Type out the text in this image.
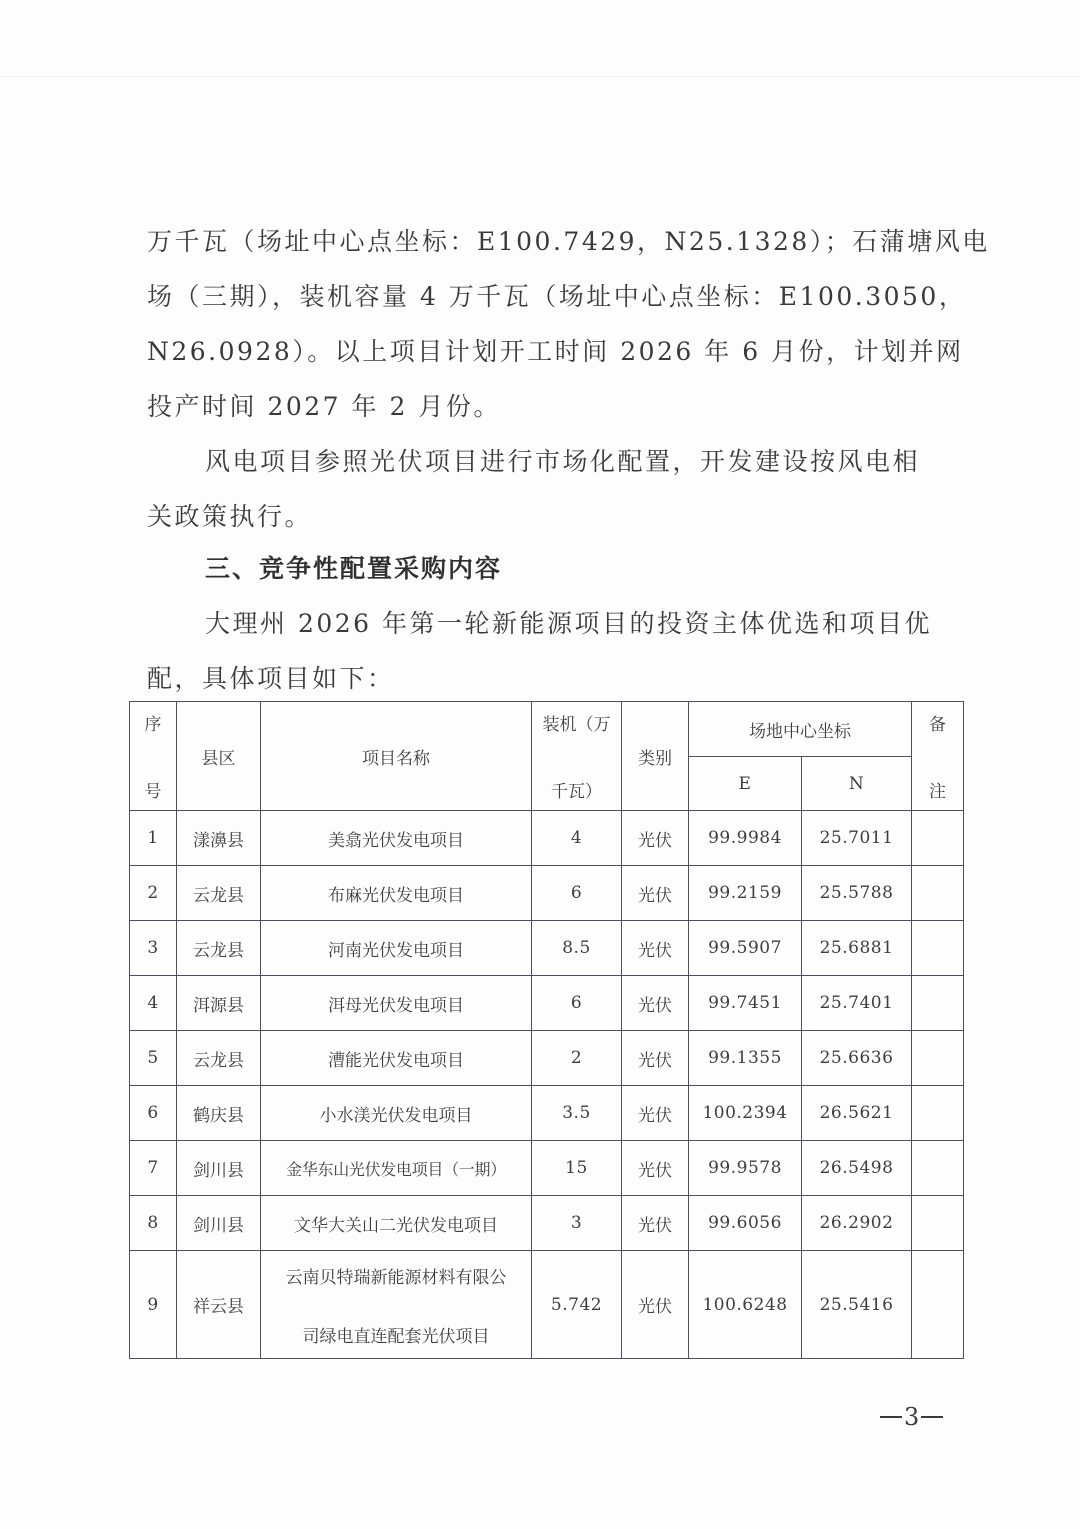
万千瓦（场址中心点坐标：E100.7429，N25.1328）；石蒲塘风电
场（三期），装机容量 4 万千瓦（场址中心点坐标：E100.3050，
N26.0928）。以上项目计划开工时间 2026 年 6 月份，计划并网
投产时间 2027 年 2 月份。
风电项目参照光伏项目进行市场化配置，开发建设按风电相
关政策执行。
三、竞争性配置采购内容
大理州 2026 年第一轮新能源项目的投资主体优选和项目优
配，具体项目如下：
序
号	县区	项目名称	装机（万
千瓦）	类别	场地中心坐标		备
注

					E	N	
1	漾濞县	美翕光伏发电项目	4	光伏	99.9984	25.7011	
2	云龙县	布麻光伏发电项目	6	光伏	99.2159	25.5788	
3	云龙县	河南光伏发电项目	8.5	光伏	99.5907	25.6881	
4	洱源县	洱母光伏发电项目	6	光伏	99.7451	25.7401	
5	云龙县	漕能光伏发电项目	2	光伏	99.1355	25.6636	
6	鹤庆县	小水渼光伏发电项目	3.5	光伏	100.2394	26.5621	
7	剑川县	金华东山光伏发电项目（一期）	15	光伏	99.9578	26.5498	
8	剑川县	文华大关山二光伏发电项目	3	光伏	99.6056	26.2902	
9	祥云县	云南贝特瑞新能源材料有限公
司绿电直连配套光伏项目	5.742	光伏	100.6248	25.5416	
3
